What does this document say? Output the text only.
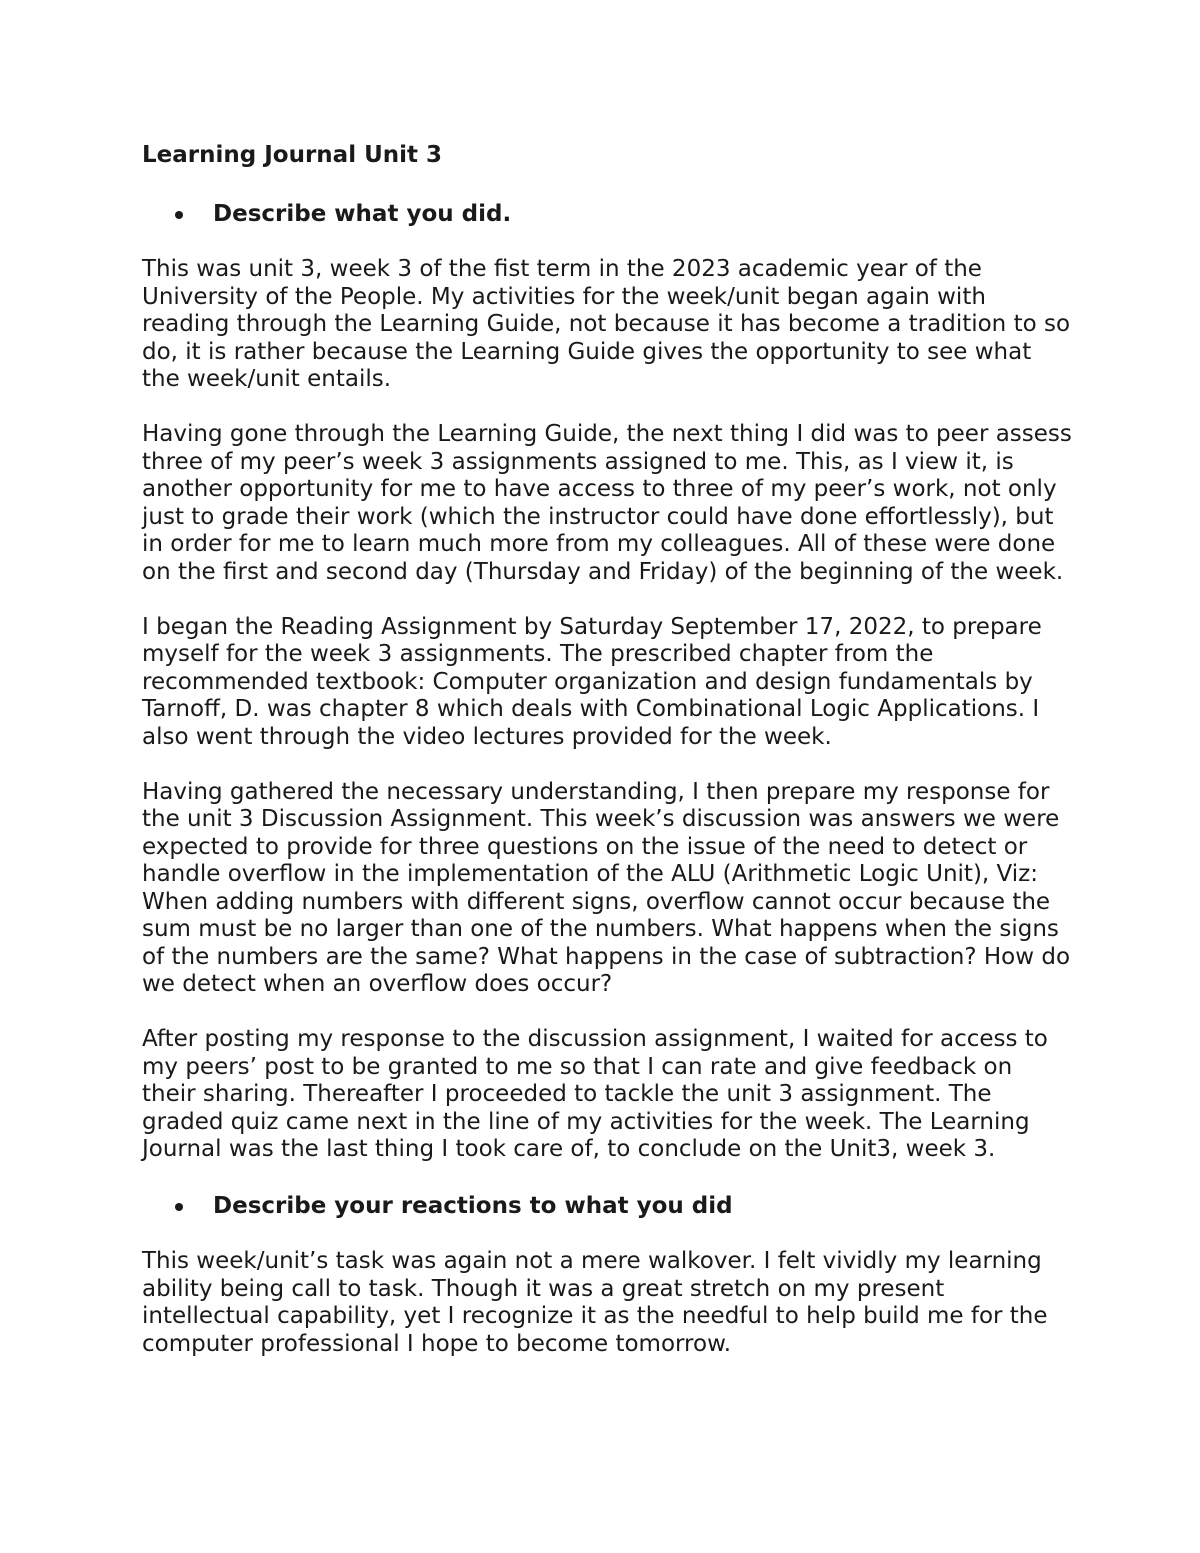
Learning Journal Unit 3
Describe what you did.

This was unit 3, week 3 of the fist term in the 2023 academic year of the University of the People. My activities for the week/unit began again with reading through the Learning Guide, not because it has become a tradition to so do, it is rather because the Learning Guide gives the opportunity to see what the week/unit entails.

Having gone through the Learning Guide, the next thing I did was to peer assess three of my peer’s week 3 assignments assigned to me. This, as I view it, is another opportunity for me to have access to three of my peer’s work, not only just to grade their work (which the instructor could have done effortlessly), but in order for me to learn much more from my colleagues. All of these were done on the first and second day (Thursday and Friday) of the beginning of the week.

I began the Reading Assignment by Saturday September 17, 2022, to prepare myself for the week 3 assignments. The prescribed chapter from the recommended textbook: Computer organization and design fundamentals by Tarnoff, D. was chapter 8 which deals with Combinational Logic Applications. I also went through the video lectures provided for the week.

Having gathered the necessary understanding, I then prepare my response for the unit 3 Discussion Assignment. This week’s discussion was answers we were expected to provide for three questions on the issue of the need to detect or handle overflow in the implementation of the ALU (Arithmetic Logic Unit), Viz: When adding numbers with different signs, overflow cannot occur because the sum must be no larger than one of the numbers. What happens when the signs of the numbers are the same? What happens in the case of subtraction? How do we detect when an overflow does occur?

After posting my response to the discussion assignment, I waited for access to my peers’ post to be granted to me so that I can rate and give feedback on their sharing. Thereafter I proceeded to tackle the unit 3 assignment. The graded quiz came next in the line of my activities for the week. The Learning Journal was the last thing I took care of, to conclude on the Unit3, week 3.

Describe your reactions to what you did

This week/unit’s task was again not a mere walkover. I felt vividly my learning ability being call to task. Though it was a great stretch on my present intellectual capability, yet I recognize it as the needful to help build me for the computer professional I hope to become tomorrow.
